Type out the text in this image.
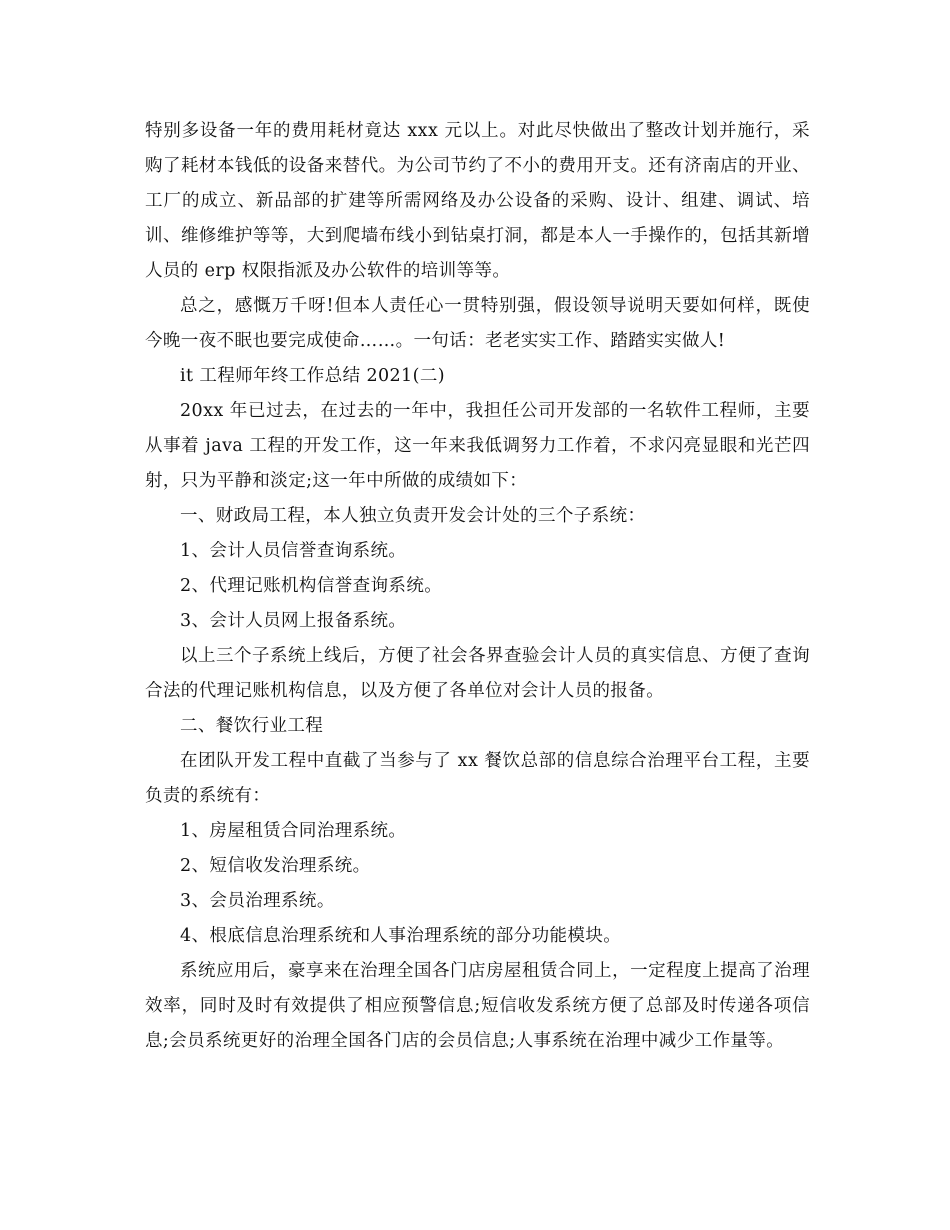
特别多设备一年的费用耗材竟达 xxx 元以上。对此尽快做出了整改计划并施行，采购了耗材本钱低的设备来替代。为公司节约了不小的费用开支。还有济南店的开业、工厂的成立、新品部的扩建等所需网络及办公设备的采购、设计、组建、调试、培训、维修维护等等，大到爬墙布线小到钻桌打洞，都是本人一手操作的，包括其新增人员的 erp 权限指派及办公软件的培训等等。

总之，感慨万千呀!但本人责任心一贯特别强，假设领导说明天要如何样，既使今晚一夜不眠也要完成使命……。一句话：老老实实工作、踏踏实实做人!

it 工程师年终工作总结 2021(二)

20xx 年已过去，在过去的一年中，我担任公司开发部的一名软件工程师，主要从事着 java 工程的开发工作，这一年来我低调努力工作着，不求闪亮显眼和光芒四射，只为平静和淡定;这一年中所做的成绩如下：

一、财政局工程，本人独立负责开发会计处的三个子系统：

1、会计人员信誉查询系统。

2、代理记账机构信誉查询系统。

3、会计人员网上报备系统。

以上三个子系统上线后，方便了社会各界查验会计人员的真实信息、方便了查询合法的代理记账机构信息，以及方便了各单位对会计人员的报备。

二、餐饮行业工程

在团队开发工程中直截了当参与了 xx 餐饮总部的信息综合治理平台工程，主要负责的系统有：

1、房屋租赁合同治理系统。

2、短信收发治理系统。

3、会员治理系统。

4、根底信息治理系统和人事治理系统的部分功能模块。

系统应用后，豪享来在治理全国各门店房屋租赁合同上，一定程度上提高了治理效率，同时及时有效提供了相应预警信息;短信收发系统方便了总部及时传递各项信息;会员系统更好的治理全国各门店的会员信息;人事系统在治理中减少工作量等。
